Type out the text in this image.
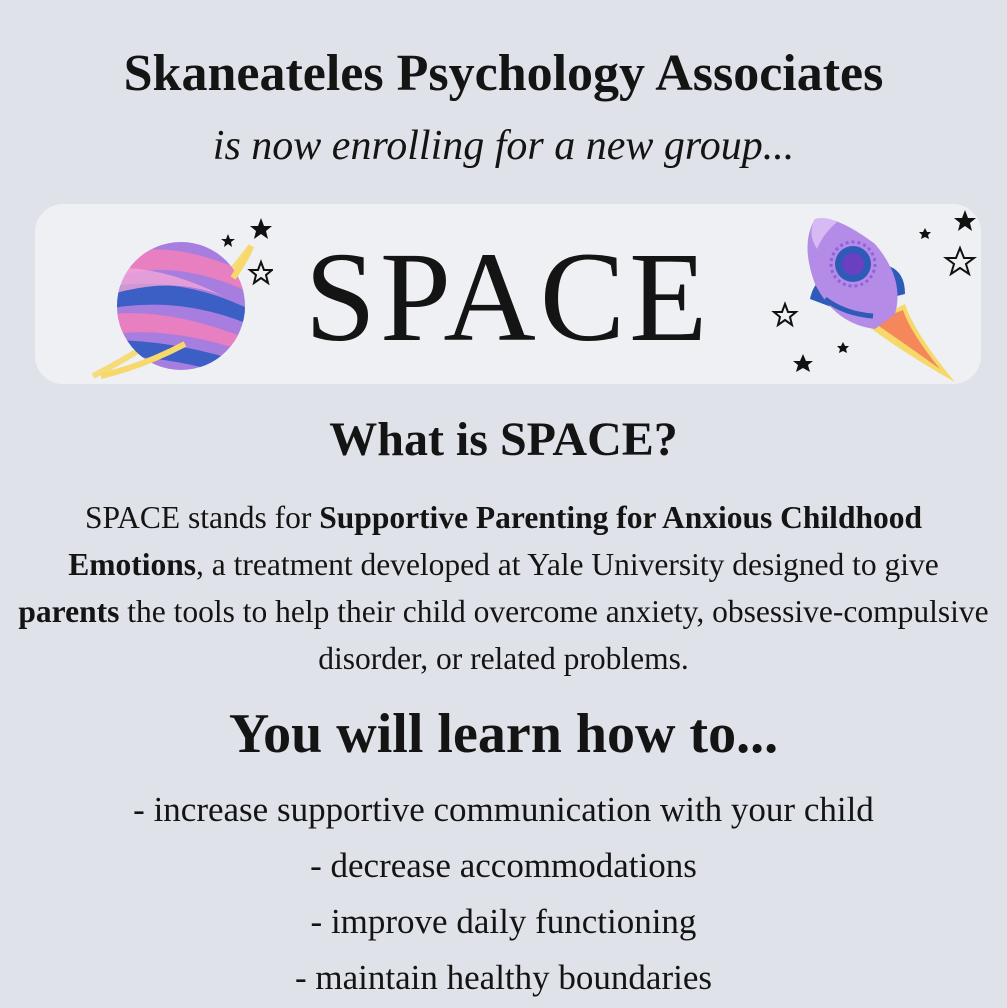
Skaneateles Psychology Associates

is now enrolling for a new group...

SPACE
What is SPACE?

SPACE stands for Supportive Parenting for Anxious Childhood Emotions, a treatment developed at Yale University designed to give parents the tools to help their child overcome anxiety, obsessive-compulsive disorder, or related problems.

You will learn how to...
- increase supportive communication with your child
- decrease accommodations
- improve daily functioning
- maintain healthy boundaries
